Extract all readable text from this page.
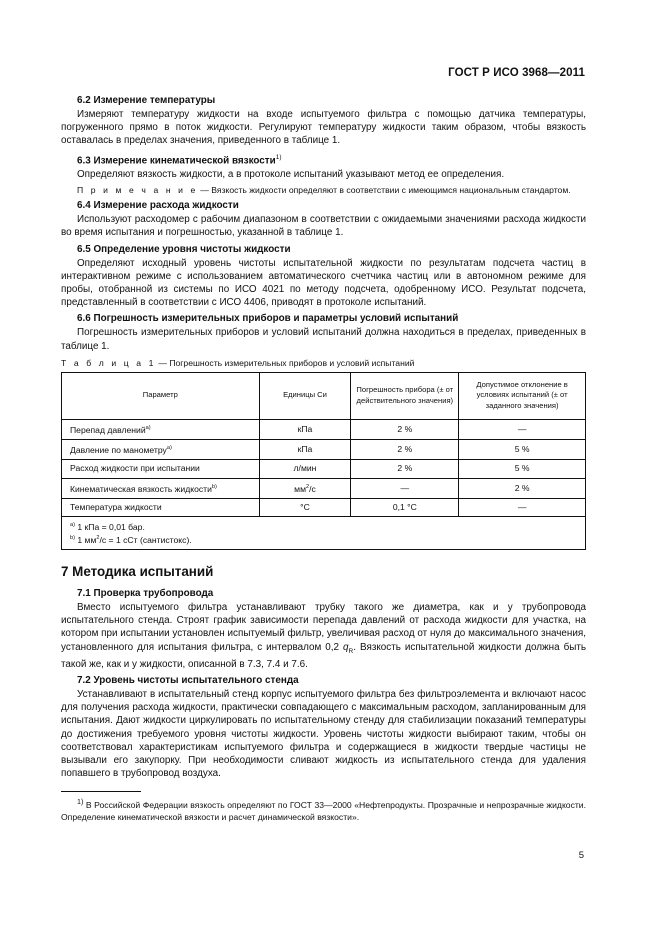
ГОСТ Р ИСО 3968—2011
6.2 Измерение температуры

Измеряют температуру жидкости на входе испытуемого фильтра с помощью датчика температуры, погруженного прямо в поток жидкости. Регулируют температуру жидкости таким образом, чтобы вязкость оставалась в пределах значения, приведенного в таблице 1.

6.3 Измерение кинематической вязкости$^{1)}$

Определяют вязкость жидкости, а в протоколе испытаний указывают метод ее определения.

П р и м е ч а н и е — Вязкость жидкости определяют в соответствии с имеющимся национальным стандартом.

6.4 Измерение расхода жидкости

Используют расходомер с рабочим диапазоном в соответствии с ожидаемыми значениями расхода жидкости во время испытания и погрешностью, указанной в таблице 1.

6.5 Определение уровня чистоты жидкости

Определяют исходный уровень чистоты испытательной жидкости по результатам подсчета частиц в интерактивном режиме с использованием автоматического счетчика частиц или в автономном режиме для пробы, отобранной из системы по ИСО 4021 по методу подсчета, одобренному ИСО. Результат подсчета, представленный в соответствии с ИСО 4406, приводят в протоколе испытаний.

6.6 Погрешность измерительных приборов и параметры условий испытаний

Погрешность измерительных приборов и условий испытаний должна находиться в пределах, приведенных в таблице 1.

Т а б л и ц а 1 — Погрешность измерительных приборов и условий испытаний
Параметр	Единицы Си	Погрешность прибора (± от действительного значения)	Допустимое отклонение в условиях испытаний (± от заданного значения)
Перепад давлений$^{a)}$	кПа	2 %	—
Давление по манометру$^{a)}$	кПа	2 %	5 %
Расход жидкости при испытании	л/мин	2 %	5 %
Кинематическая вязкость жидкости$^{b)}$	$мм^2/с$	—	2 %
Температура жидкости	°С	0,1 °С	—

$^{a)}$ 1 кПа = 0,01 бар.
$^{b)}$ 1 $мм^2/с = 1$ сСт (сантистокс).			
7 Методика испытаний
7.1 Проверка трубопровода

Вместо испытуемого фильтра устанавливают трубку такого же диаметра, как и у трубопровода испытательного стенда. Строят график зависимости перепада давлений от расхода жидкости для участка, на котором при испытании установлен испытуемый фильтр, увеличивая расход от нуля до максимального значения, установленного для испытания фильтра, с интервалом 0,2 $q_R$. Вязкость испытательной жидкости должна быть такой же, как и у жидкости, описанной в 7.3, 7.4 и 7.6.

7.2 Уровень чистоты испытательного стенда

Устанавливают в испытательный стенд корпус испытуемого фильтра без фильтроэлемента и включают насос для получения расхода жидкости, практически совпадающего с максимальным расходом, запланированным для испытания. Дают жидкости циркулировать по испытательному стенду для стабилизации показаний температуры до достижения требуемого уровня чистоты жидкости. Уровень чистоты жидкости выбирают таким, чтобы он соответствовал характеристикам испытуемого фильтра и содержащиеся в жидкости твердые частицы не вызывали его закупорку. При необходимости сливают жидкость из испытательного стенда для удаления попавшего в трубопровод воздуха.

$^{1)}$ В Российской Федерации вязкость определяют по ГОСТ 33—2000 «Нефтепродукты. Прозрачные и непрозрачные жидкости. Определение кинематической вязкости и расчет динамической вязкости».

5
